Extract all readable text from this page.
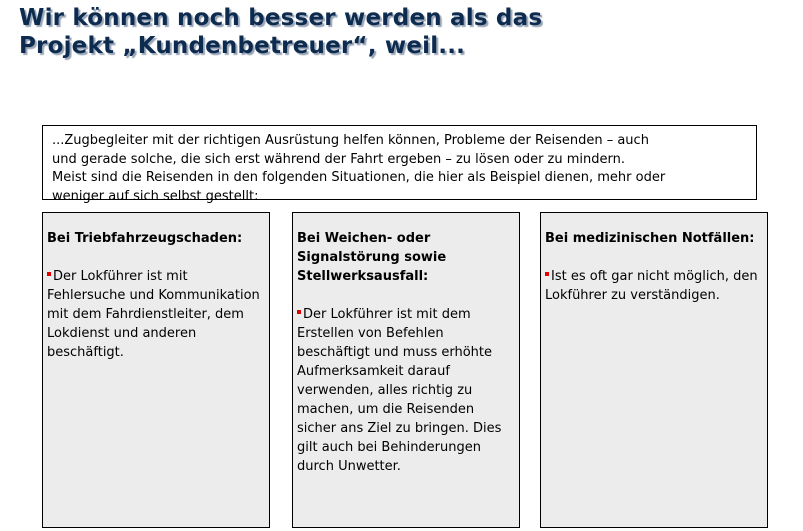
Wir können noch besser werden als das
Projekt „Kundenbetreuer“, weil...

...Zugbegleiter mit der richtigen Ausrüstung helfen können, Probleme der Reisenden – auch

und gerade solche, die sich erst während der Fahrt ergeben – zu lösen oder zu mindern.

Meist sind die Reisenden in den folgenden Situationen, die hier als Beispiel dienen, mehr oder

weniger auf sich selbst gestellt:

Bei Triebfahrzeugschaden:

Der Lokführer ist mit Fehlersuche und Kommunikation mit dem Fahrdienstleiter, dem Lokdienst und anderen beschäftigt.

Bei Weichen- oder Signalstörung sowie Stellwerksausfall:

Der Lokführer ist mit dem Erstellen von Befehlen beschäftigt und muss erhöhte Aufmerksamkeit darauf verwenden, alles richtig zu machen, um die Reisenden sicher ans Ziel zu bringen. Dies gilt auch bei Behinderungen durch Unwetter.

Bei medizinischen Notfällen:

Ist es oft gar nicht möglich, den Lokführer zu verständigen.
